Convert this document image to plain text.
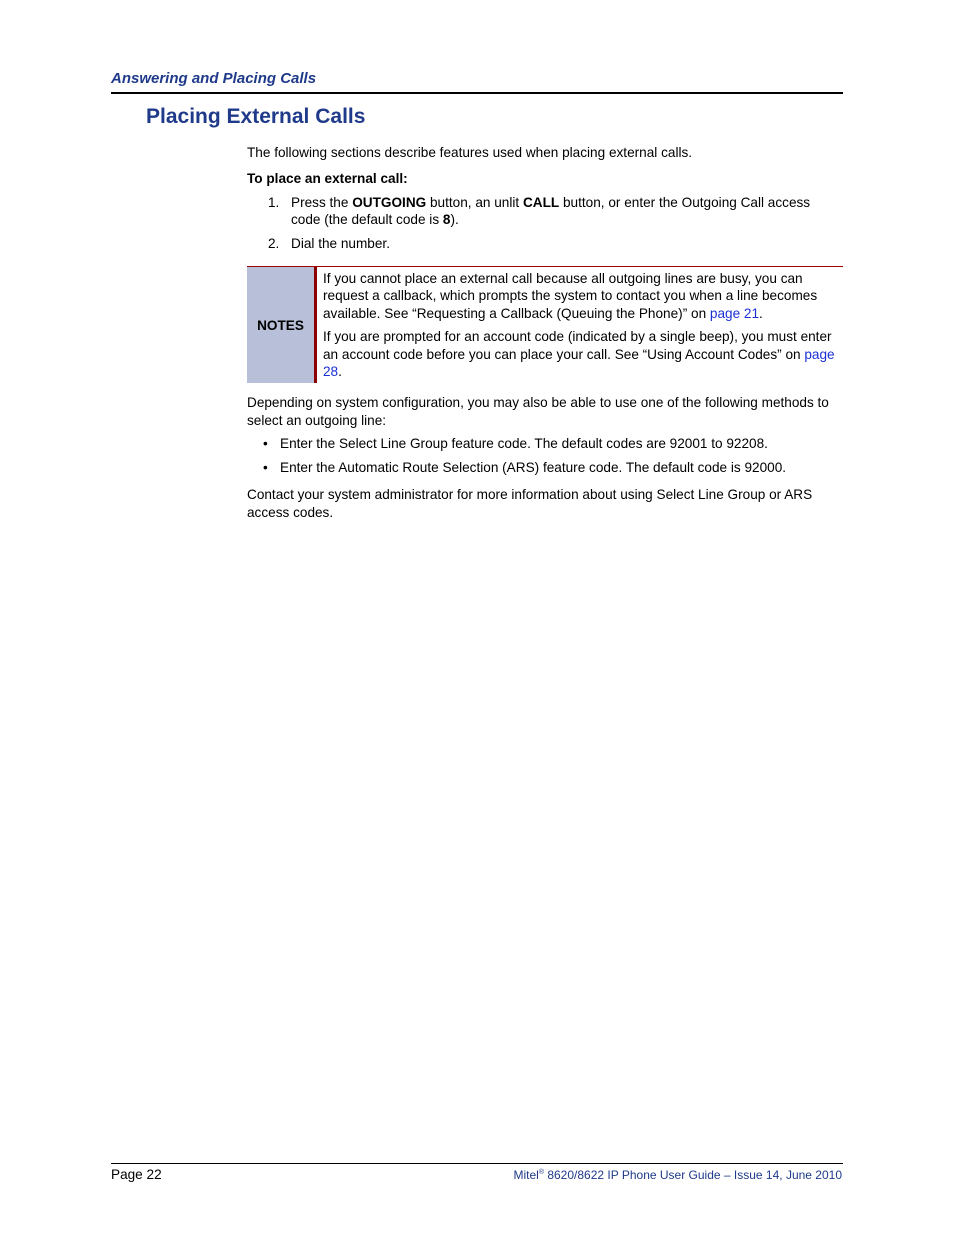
Answering and Placing Calls
Placing External Calls

The following sections describe features used when placing external calls.

To place an external call:

1. Press the OUTGOING button, an unlit CALL button, or enter the Outgoing Call access code (the default code is 8).
2. Dial the number.
NOTES

If you cannot place an external call because all outgoing lines are busy, you can request a callback, which prompts the system to contact you when a line becomes available. See “Requesting a Callback (Queuing the Phone)” on page 21.

If you are prompted for an account code (indicated by a single beep), you must enter an account code before you can place your call. See “Using Account Codes” on page 28.

Depending on system configuration, you may also be able to use one of the following methods to select an outgoing line:

• Enter the Select Line Group feature code. The default codes are 92001 to 92208.
• Enter the Automatic Route Selection (ARS) feature code. The default code is 92000.

Contact your system administrator for more information about using Select Line Group or ARS access codes.

Page 22	Mitel® 8620/8622 IP Phone User Guide – Issue 14, June 2010
